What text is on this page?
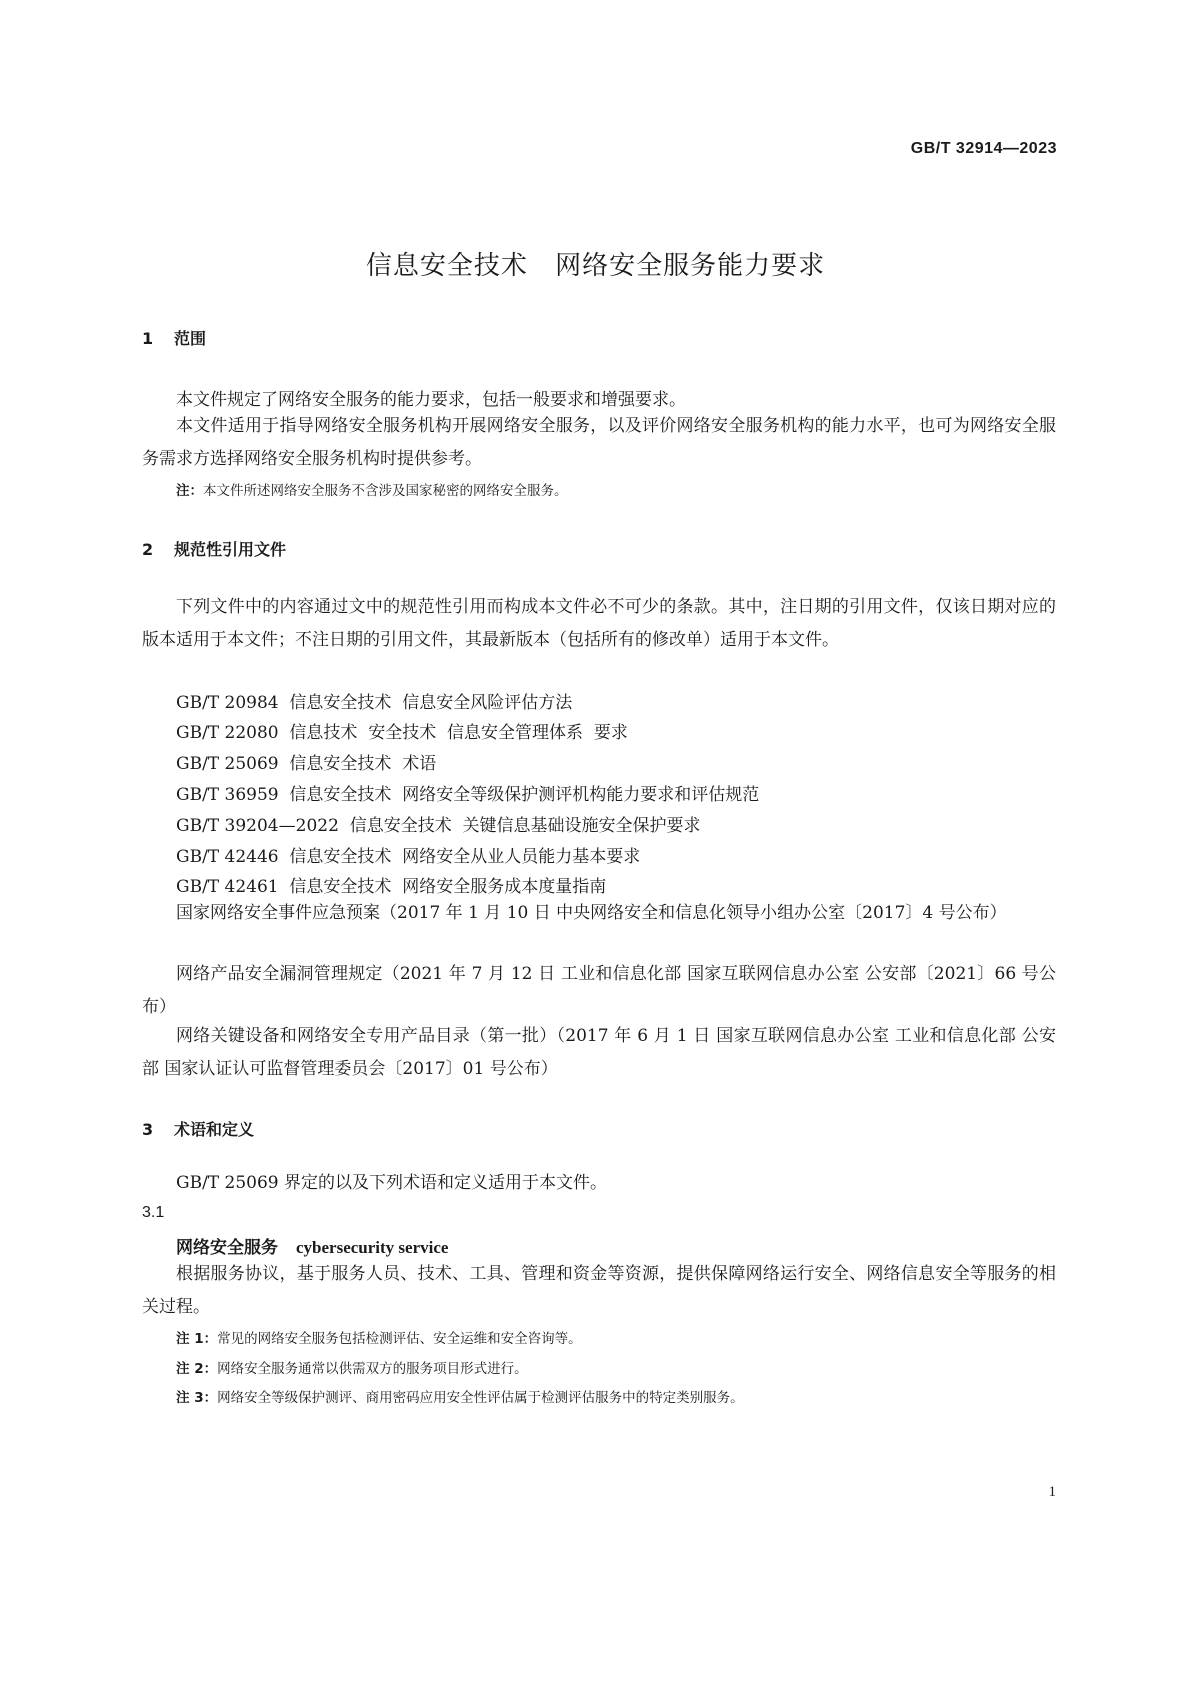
GB/T 32914—2023
信息安全技术 网络安全服务能力要求
1 范围
本文件规定了网络安全服务的能力要求，包括一般要求和增强要求。
本文件适用于指导网络安全服务机构开展网络安全服务，以及评价网络安全服务机构的能力水平，也可为网络安全服务需求方选择网络安全服务机构时提供参考。
注：本文件所述网络安全服务不含涉及国家秘密的网络安全服务。
2 规范性引用文件
下列文件中的内容通过文中的规范性引用而构成本文件必不可少的条款。其中，注日期的引用文件，仅该日期对应的版本适用于本文件；不注日期的引用文件，其最新版本（包括所有的修改单）适用于本文件。
GB/T 20984  信息安全技术  信息安全风险评估方法
GB/T 22080  信息技术  安全技术  信息安全管理体系  要求
GB/T 25069  信息安全技术  术语
GB/T 36959  信息安全技术  网络安全等级保护测评机构能力要求和评估规范
GB/T 39204—2022  信息安全技术  关键信息基础设施安全保护要求
GB/T 42446  信息安全技术  网络安全从业人员能力基本要求
GB/T 42461  信息安全技术  网络安全服务成本度量指南
国家网络安全事件应急预案（2017 年 1 月 10 日 中央网络安全和信息化领导小组办公室〔2017〕4 号公布）
网络产品安全漏洞管理规定（2021 年 7 月 12 日 工业和信息化部 国家互联网信息办公室 公安部〔2021〕66 号公布）
网络关键设备和网络安全专用产品目录（第一批）（2017 年 6 月 1 日 国家互联网信息办公室 工业和信息化部 公安部 国家认证认可监督管理委员会〔2017〕01 号公布）
3 术语和定义
GB/T 25069 界定的以及下列术语和定义适用于本文件。
3.1
网络安全服务 cybersecurity service
根据服务协议，基于服务人员、技术、工具、管理和资金等资源，提供保障网络运行安全、网络信息安全等服务的相关过程。
注 1：常见的网络安全服务包括检测评估、安全运维和安全咨询等。
注 2：网络安全服务通常以供需双方的服务项目形式进行。
注 3：网络安全等级保护测评、商用密码应用安全性评估属于检测评估服务中的特定类别服务。
1
